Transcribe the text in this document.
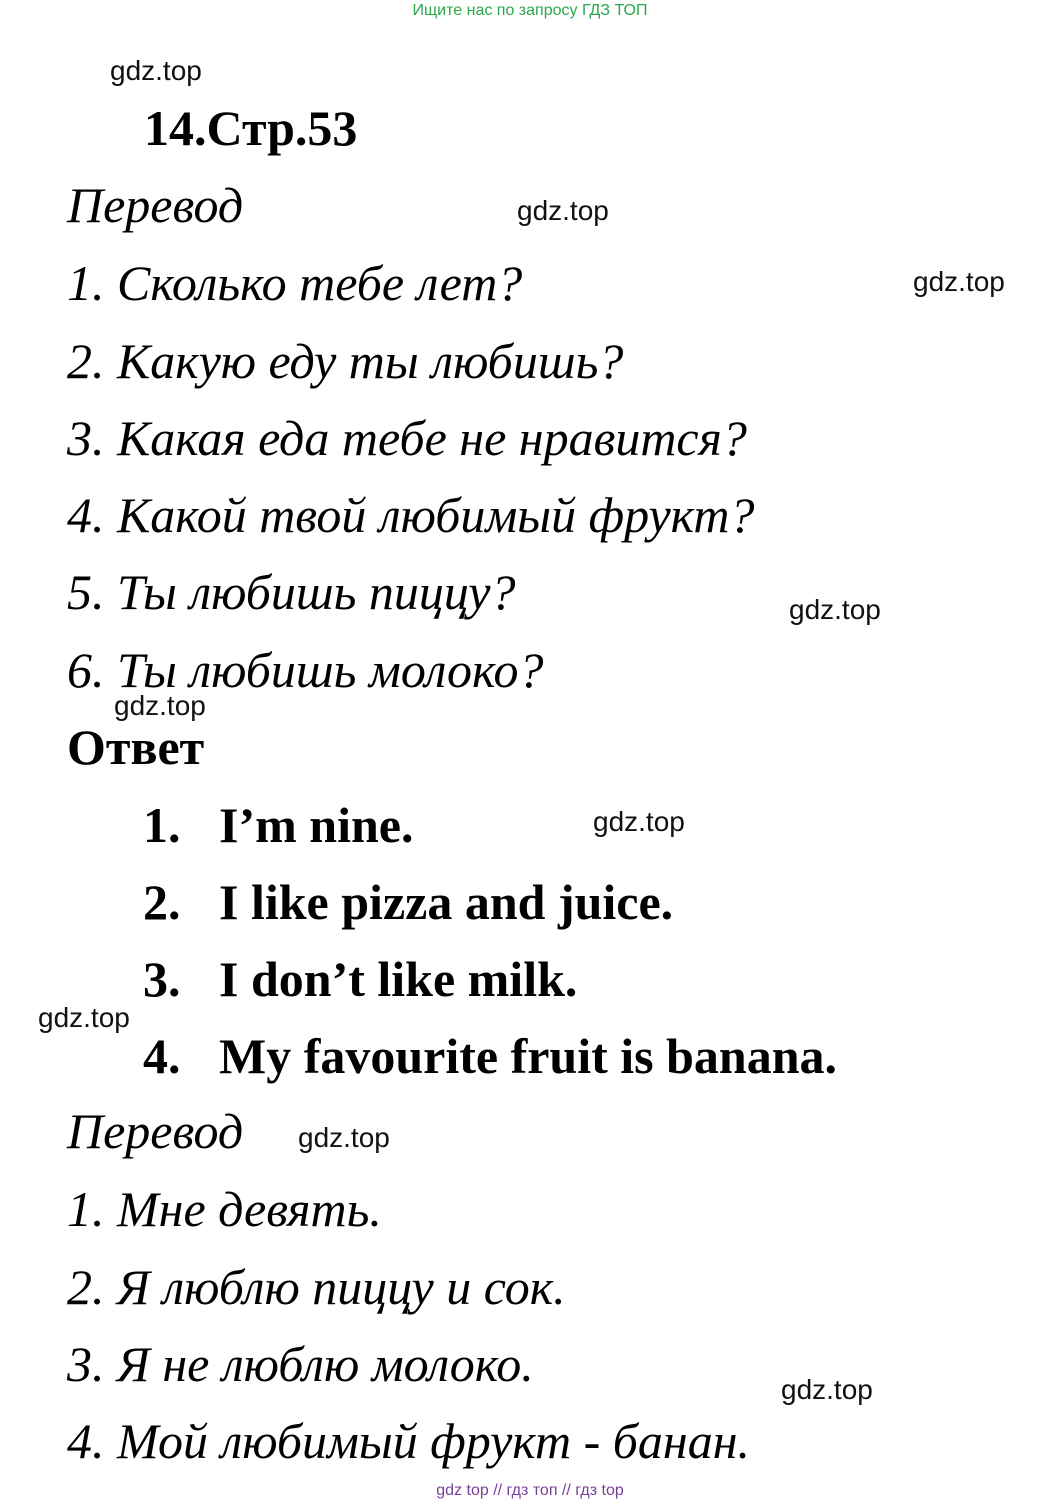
Ищите нас по запросу ГДЗ ТОП
gdz.top
gdz.top
gdz.top
gdz.top
gdz.top
gdz.top
gdz.top
gdz.top
gdz.top
14.Стр.53
Перевод
1. Сколько тебе лет?
2. Какую еду ты любишь?
3. Какая еда тебе не нравится?
4. Какой твой любимый фрукт?
5. Ты любишь пиццу?
6. Ты любишь молоко?
Ответ
1. I’m nine.
2. I like pizza and juice.
3. I don’t like milk.
4. My favourite fruit is banana.
Перевод
1. Мне девять.
2. Я люблю пиццу и сок.
3. Я не люблю молоко.
4. Мой любимый фрукт - банан.
gdz top // гдз топ // гдз top
